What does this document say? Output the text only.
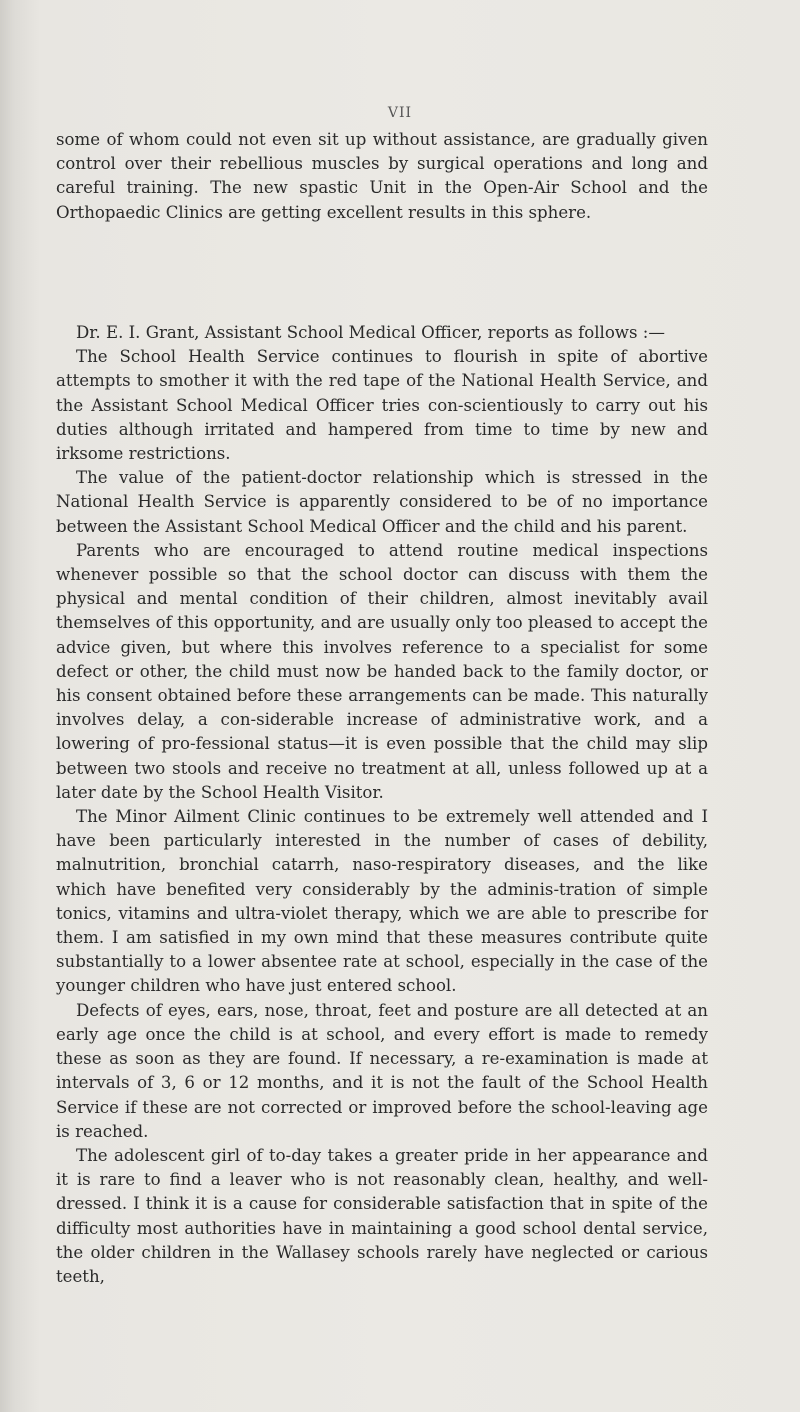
VII

some of whom could not even sit up without assistance, are gradually given control over their rebellious muscles by surgical operations and long and careful training. The new spastic Unit in the Open-Air School and the Orthopaedic Clinics are getting excellent results in this sphere.

Dr. E. I. Grant, Assistant School Medical Officer, reports as follows :—

The School Health Service continues to flourish in spite of abortive attempts to smother it with the red tape of the National Health Service, and the Assistant School Medical Officer tries con-scientiously to carry out his duties although irritated and hampered from time to time by new and irksome restrictions.

The value of the patient-doctor relationship which is stressed in the National Health Service is apparently considered to be of no importance between the Assistant School Medical Officer and the child and his parent.

Parents who are encouraged to attend routine medical inspections whenever possible so that the school doctor can discuss with them the physical and mental condition of their children, almost inevitably avail themselves of this opportunity, and are usually only too pleased to accept the advice given, but where this involves reference to a specialist for some defect or other, the child must now be handed back to the family doctor, or his consent obtained before these arrangements can be made. This naturally involves delay, a con-siderable increase of administrative work, and a lowering of pro-fessional status—it is even possible that the child may slip between two stools and receive no treatment at all, unless followed up at a later date by the School Health Visitor.

The Minor Ailment Clinic continues to be extremely well attended and I have been particularly interested in the number of cases of debility, malnutrition, bronchial catarrh, naso-respiratory diseases, and the like which have benefited very considerably by the adminis-tration of simple tonics, vitamins and ultra-violet therapy, which we are able to prescribe for them. I am satisfied in my own mind that these measures contribute quite substantially to a lower absentee rate at school, especially in the case of the younger children who have just entered school.

Defects of eyes, ears, nose, throat, feet and posture are all detected at an early age once the child is at school, and every effort is made to remedy these as soon as they are found. If necessary, a re-examination is made at intervals of 3, 6 or 12 months, and it is not the fault of the School Health Service if these are not corrected or improved before the school-leaving age is reached.

The adolescent girl of to-day takes a greater pride in her appearance and it is rare to find a leaver who is not reasonably clean, healthy, and well-dressed. I think it is a cause for considerable satisfaction that in spite of the difficulty most authorities have in maintaining a good school dental service, the older children in the Wallasey schools rarely have neglected or carious teeth,
